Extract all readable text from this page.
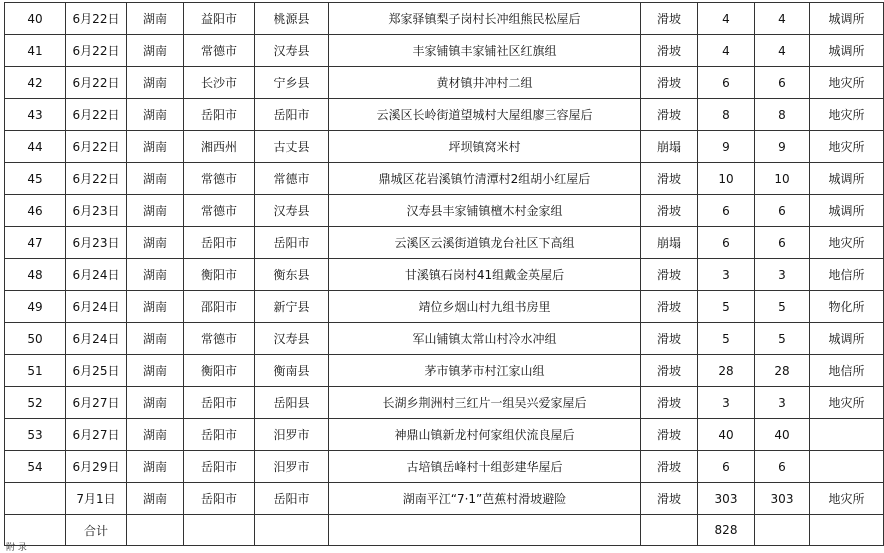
40	6月22日	湖南	益阳市	桃源县	郑家驿镇梨子岗村长冲组熊民松屋后	滑坡	4	4	城调所
41	6月22日	湖南	常德市	汉寿县	丰家铺镇丰家铺社区红旗组	滑坡	4	4	城调所
42	6月22日	湖南	长沙市	宁乡县	黄材镇井冲村二组	滑坡	6	6	地灾所
43	6月22日	湖南	岳阳市	岳阳市	云溪区长岭街道望城村大屋组廖三容屋后	滑坡	8	8	地灾所
44	6月22日	湖南	湘西州	古丈县	坪坝镇窝米村	崩塌	9	9	地灾所
45	6月22日	湖南	常德市	常德市	鼎城区花岩溪镇竹清潭村2组胡小红屋后	滑坡	10	10	城调所
46	6月23日	湖南	常德市	汉寿县	汉寿县丰家铺镇檀木村金家组	滑坡	6	6	城调所
47	6月23日	湖南	岳阳市	岳阳市	云溪区云溪街道镇龙台社区下高组	崩塌	6	6	地灾所
48	6月24日	湖南	衡阳市	衡东县	甘溪镇石岗村41组戴金英屋后	滑坡	3	3	地信所
49	6月24日	湖南	邵阳市	新宁县	靖位乡烟山村九组书房里	滑坡	5	5	物化所
50	6月24日	湖南	常德市	汉寿县	军山铺镇太常山村冷水冲组	滑坡	5	5	城调所
51	6月25日	湖南	衡阳市	衡南县	茅市镇茅市村江家山组	滑坡	28	28	地信所
52	6月27日	湖南	岳阳市	岳阳县	长湖乡荆洲村三红片一组吴兴爱家屋后	滑坡	3	3	地灾所
53	6月27日	湖南	岳阳市	汨罗市	神鼎山镇新龙村何家组伏流良屋后	滑坡	40	40	
54	6月29日	湖南	岳阳市	汨罗市	古培镇岳峰村十组彭建华屋后	滑坡	6	6	
	7月1日	湖南	岳阳市	岳阳市	湖南平江“7·1”芭蕉村滑坡避险	滑坡	303	303	地灾所
	合计						828		
附 录
